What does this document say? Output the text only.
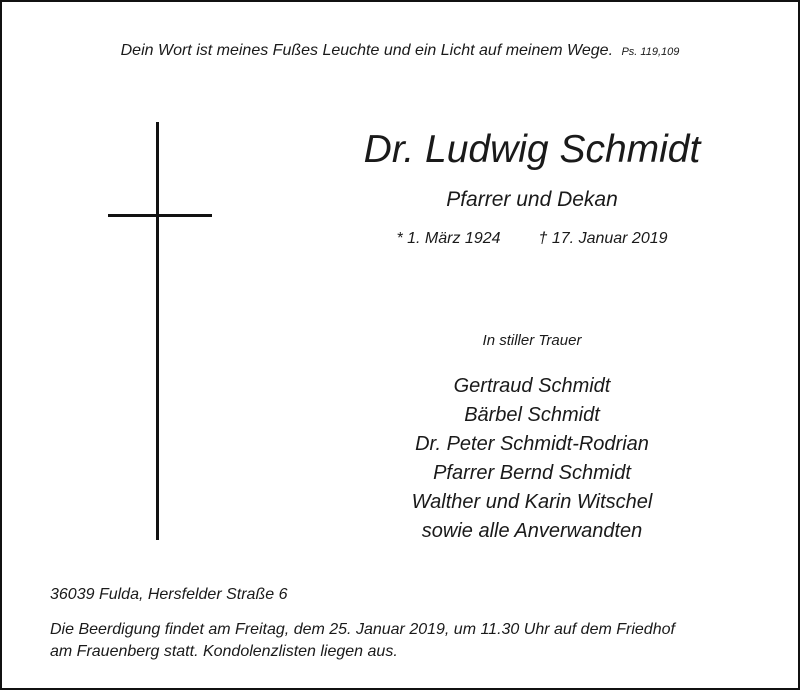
Dein Wort ist meines Fußes Leuchte und ein Licht auf meinem Wege. Ps. 119,109
Dr. Ludwig Schmidt
Pfarrer und Dekan
* 1. März 1924 † 17. Januar 2019
In stiller Trauer
Gertraud Schmidt
Bärbel Schmidt
Dr. Peter Schmidt-Rodrian
Pfarrer Bernd Schmidt
Walther und Karin Witschel
sowie alle Anverwandten
36039 Fulda, Hersfelder Straße 6
Die Beerdigung findet am Freitag, dem 25. Januar 2019, um 11.30 Uhr auf dem Friedhof
am Frauenberg statt. Kondolenzlisten liegen aus.
